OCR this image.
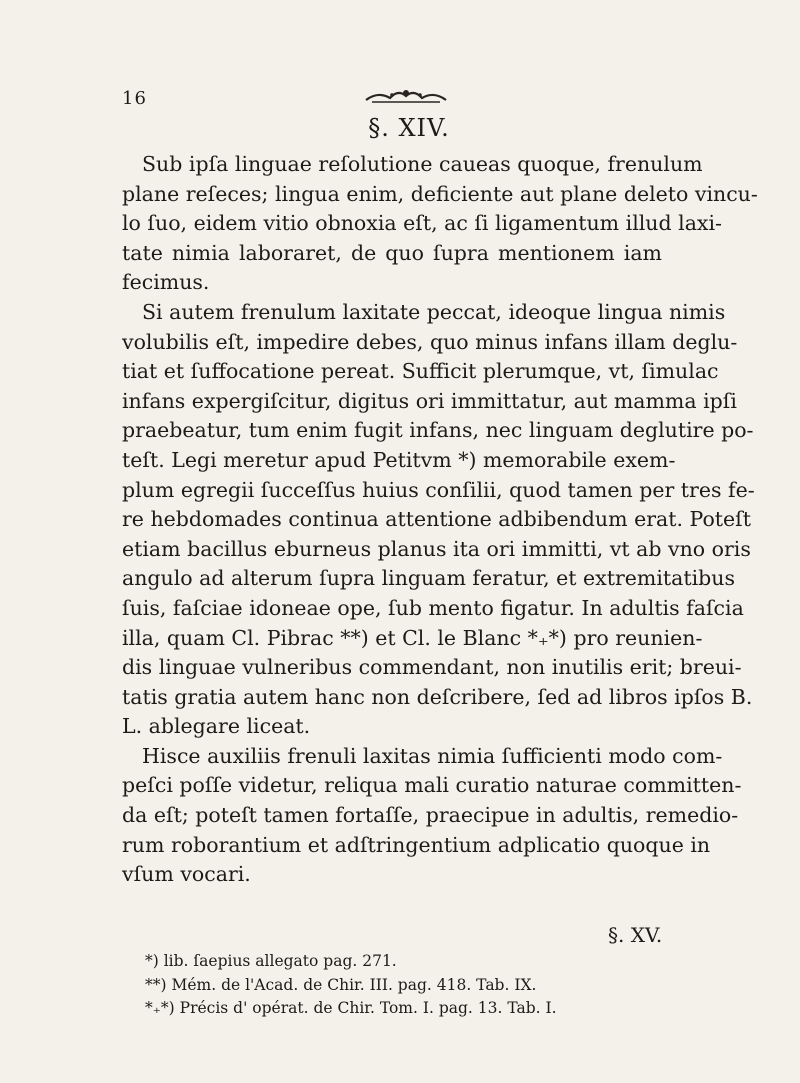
16
§. XIV.
Sub ipſa linguae reſolutione caueas quoque, frenulum
plane reſeces; lingua enim, deficiente aut plane deleto vincu-
lo ſuo, eidem vitio obnoxia eſt, ac ſi ligamentum illud laxi-
tate nimia laboraret, de quo ſupra mentionem iam
fecimus.
Si autem frenulum laxitate peccat, ideoque lingua nimis
volubilis eſt, impedire debes, quo minus infans illam deglu-
tiat et ſuffocatione pereat. Sufficit plerumque, vt, ſimulac
infans expergiſcitur, digitus ori immittatur, aut mamma ipſi
praebeatur, tum enim fugit infans, nec linguam deglutire po-
teſt. Legi meretur apud Petitvm *) memorabile exem-
plum egregii ſucceſſus huius conſilii, quod tamen per tres fe-
re hebdomades continua attentione adbibendum erat. Poteſt
etiam bacillus eburneus planus ita ori immitti, vt ab vno oris
angulo ad alterum ſupra linguam feratur, et extremitatibus
ſuis, faſciae idoneae ope, ſub mento figatur. In adultis faſcia
illa, quam Cl. Pibrac **) et Cl. le Blanc *₊*) pro reunien-
dis linguae vulneribus commendant, non inutilis erit; breui-
tatis gratia autem hanc non deſcribere, ſed ad libros ipſos B.
L. ablegare liceat.
Hisce auxiliis frenuli laxitas nimia ſufficienti modo com-
peſci poſſe videtur, reliqua mali curatio naturae committen-
da eſt; poteſt tamen fortaſſe, praecipue in adultis, remedio-
rum roborantium et adſtringentium adplicatio quoque in
vſum vocari.
§. XV.
*) lib. ſaepius allegato pag. 271.
**) Mém. de l'Acad. de Chir. III. pag. 418. Tab. IX.
*₊*) Précis d' opérat. de Chir. Tom. I. pag. 13. Tab. I.
